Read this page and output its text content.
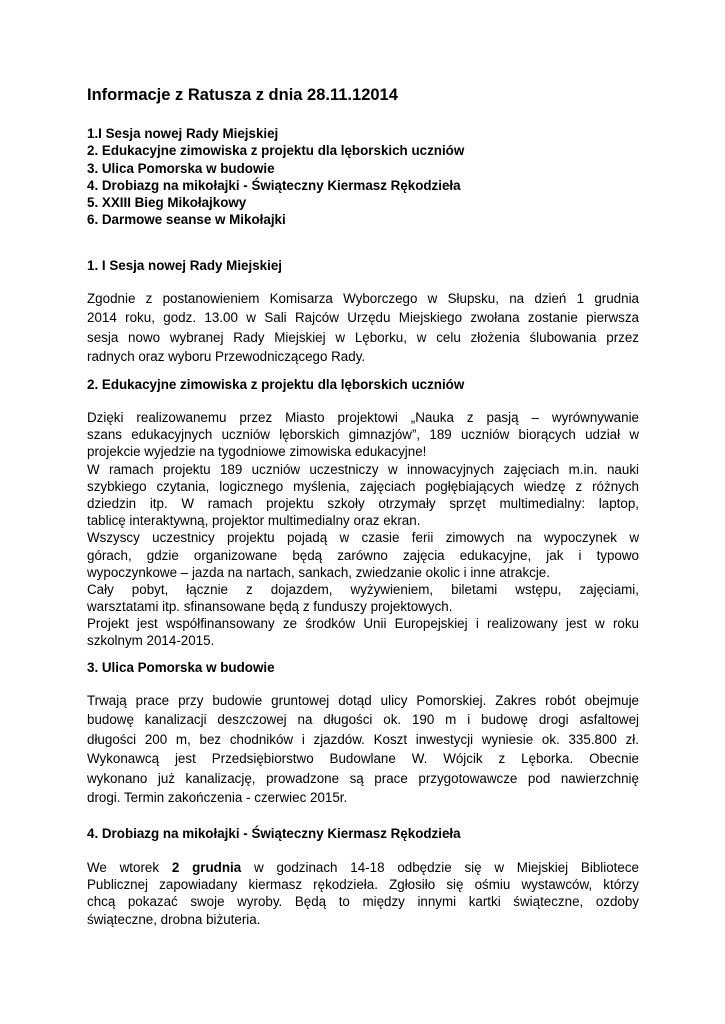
Informacje z Ratusza z dnia 28.11.12014
1.I Sesja nowej Rady Miejskiej
2. Edukacyjne zimowiska z projektu dla lęborskich uczniów
3. Ulica Pomorska w budowie
4. Drobiazg na mikołajki - Świąteczny Kiermasz Rękodzieła
5. XXIII Bieg Mikołajkowy
6. Darmowe seanse w Mikołajki
1. I Sesja nowej Rady Miejskiej
Zgodnie z postanowieniem Komisarza Wyborczego w Słupsku, na dzień 1 grudnia
2014 roku, godz. 13.00 w Sali Rajców Urzędu Miejskiego zwołana zostanie pierwsza
sesja nowo wybranej Rady Miejskiej w Lęborku, w celu złożenia ślubowania przez
radnych oraz wyboru Przewodniczącego Rady.
2. Edukacyjne zimowiska z projektu dla lęborskich uczniów
Dzięki realizowanemu przez Miasto projektowi „Nauka z pasją – wyrównywanie
szans edukacyjnych uczniów lęborskich gimnazjów”, 189 uczniów biorących udział w
projekcie wyjedzie na tygodniowe zimowiska edukacyjne!
W ramach projektu 189 uczniów uczestniczy w innowacyjnych zajęciach m.in. nauki
szybkiego czytania, logicznego myślenia, zajęciach pogłębiających wiedzę z różnych
dziedzin itp. W ramach projektu szkoły otrzymały sprzęt multimedialny: laptop,
tablicę interaktywną, projektor multimedialny oraz ekran.
Wszyscy uczestnicy projektu pojadą w czasie ferii zimowych na wypoczynek w
górach, gdzie organizowane będą zarówno zajęcia edukacyjne, jak i typowo
wypoczynkowe – jazda na nartach, sankach, zwiedzanie okolic i inne atrakcje.
Cały pobyt, łącznie z dojazdem, wyżywieniem, biletami wstępu, zajęciami,
warsztatami itp. sfinansowane będą z funduszy projektowych.
Projekt jest współfinansowany ze środków Unii Europejskiej i realizowany jest w roku
szkolnym 2014-2015.
3. Ulica Pomorska w budowie
Trwają prace przy budowie gruntowej dotąd ulicy Pomorskiej. Zakres robót obejmuje
budowę kanalizacji deszczowej na długości ok. 190 m i budowę drogi asfaltowej
długości 200 m, bez chodników i zjazdów. Koszt inwestycji wyniesie ok. 335.800 zł.
Wykonawcą jest Przedsiębiorstwo Budowlane W. Wójcik z Lęborka. Obecnie
wykonano już kanalizację, prowadzone są prace przygotowawcze pod nawierzchnię
drogi. Termin zakończenia - czerwiec 2015r.
4. Drobiazg na mikołajki - Świąteczny Kiermasz Rękodzieła
We wtorek 2 grudnia w godzinach 14-18 odbędzie się w Miejskiej Bibliotece
Publicznej zapowiadany kiermasz rękodzieła. Zgłosiło się ośmiu wystawców, którzy
chcą pokazać swoje wyroby. Będą to między innymi kartki świąteczne, ozdoby
świąteczne, drobna biżuteria.
